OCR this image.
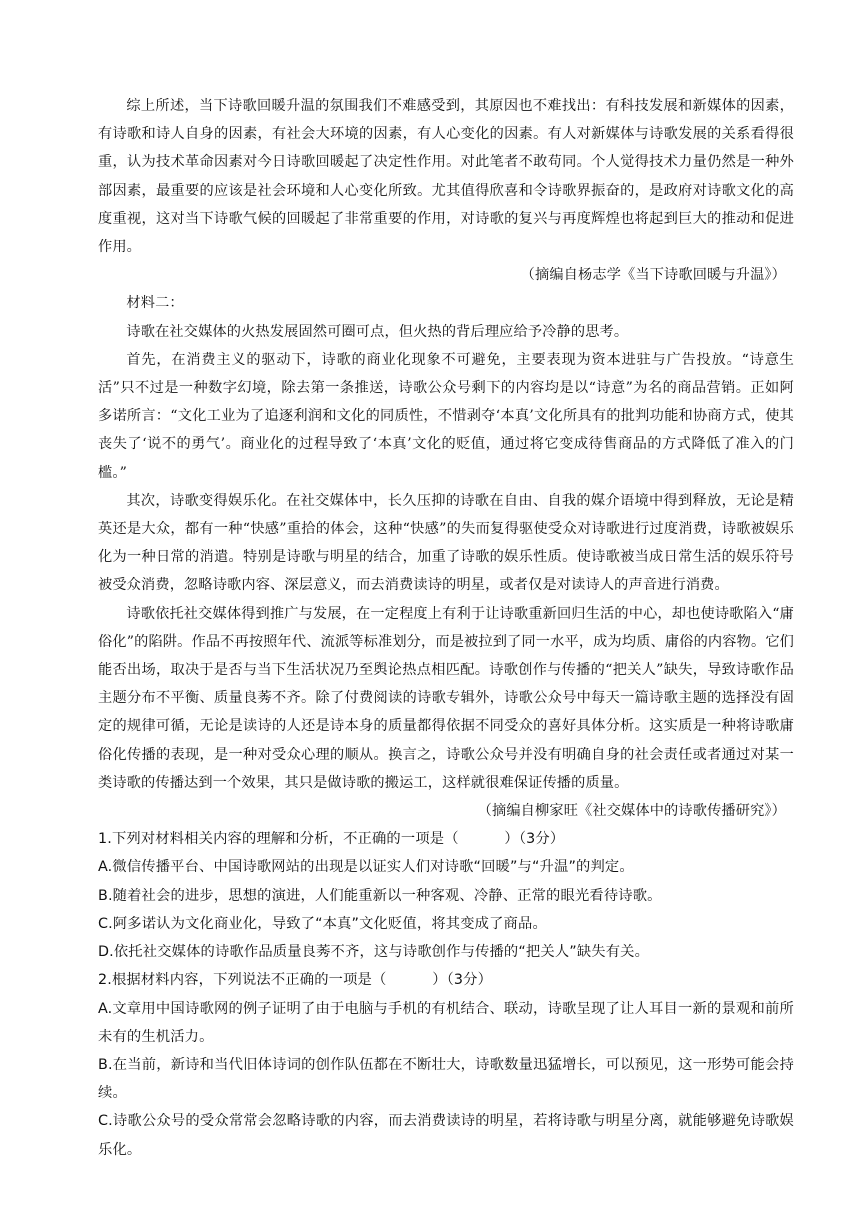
综上所述，当下诗歌回暖升温的氛围我们不难感受到，其原因也不难找出：有科技发展和新媒体的因素，有诗歌和诗人自身的因素，有社会大环境的因素，有人心变化的因素。有人对新媒体与诗歌发展的关系看得很重，认为技术革命因素对今日诗歌回暖起了决定性作用。对此笔者不敢苟同。个人觉得技术力量仍然是一种外部因素，最重要的应该是社会环境和人心变化所致。尤其值得欣喜和令诗歌界振奋的，是政府对诗歌文化的高度重视，这对当下诗歌气候的回暖起了非常重要的作用，对诗歌的复兴与再度辉煌也将起到巨大的推动和促进作用。

（摘编自杨志学《当下诗歌回暖与升温》）

材料二：

诗歌在社交媒体的火热发展固然可圈可点，但火热的背后理应给予冷静的思考。

首先，在消费主义的驱动下，诗歌的商业化现象不可避免，主要表现为资本进驻与广告投放。“诗意生活”只不过是一种数字幻境，除去第一条推送，诗歌公众号剩下的内容均是以“诗意”为名的商品营销。正如阿多诺所言：“文化工业为了追逐利润和文化的同质性，不惜剥夺‘本真’文化所具有的批判功能和协商方式，使其丧失了‘说不的勇气’。商业化的过程导致了‘本真’文化的贬值，通过将它变成待售商品的方式降低了准入的门槛。”

其次，诗歌变得娱乐化。在社交媒体中，长久压抑的诗歌在自由、自我的媒介语境中得到释放，无论是精英还是大众，都有一种“快感”重拾的体会，这种“快感”的失而复得驱使受众对诗歌进行过度消费，诗歌被娱乐化为一种日常的消遣。特别是诗歌与明星的结合，加重了诗歌的娱乐性质。使诗歌被当成日常生活的娱乐符号被受众消费，忽略诗歌内容、深层意义，而去消费读诗的明星，或者仅是对读诗人的声音进行消费。

诗歌依托社交媒体得到推广与发展，在一定程度上有利于让诗歌重新回归生活的中心，却也使诗歌陷入“庸俗化”的陷阱。作品不再按照年代、流派等标准划分，而是被拉到了同一水平，成为均质、庸俗的内容物。它们能否出场，取决于是否与当下生活状况乃至舆论热点相匹配。诗歌创作与传播的“把关人”缺失，导致诗歌作品主题分布不平衡、质量良莠不齐。除了付费阅读的诗歌专辑外，诗歌公众号中每天一篇诗歌主题的选择没有固定的规律可循，无论是读诗的人还是诗本身的质量都得依据不同受众的喜好具体分析。这实质是一种将诗歌庸俗化传播的表现，是一种对受众心理的顺从。换言之，诗歌公众号并没有明确自身的社会责任或者通过对某一类诗歌的传播达到一个效果，其只是做诗歌的搬运工，这样就很难保证传播的质量。

（摘编自柳家旺《社交媒体中的诗歌传播研究》）

1.下列对材料相关内容的理解和分析，不正确的一项是（	）（3分）

A.微信传播平台、中国诗歌网站的出现是以证实人们对诗歌“回暖”与“升温”的判定。

B.随着社会的进步，思想的演进，人们能重新以一种客观、冷静、正常的眼光看待诗歌。

C.阿多诺认为文化商业化，导致了“本真”文化贬值，将其变成了商品。

D.依托社交媒体的诗歌作品质量良莠不齐，这与诗歌创作与传播的“把关人”缺失有关。

2.根据材料内容，下列说法不正确的一项是（	）（3分）

A.文章用中国诗歌网的例子证明了由于电脑与手机的有机结合、联动，诗歌呈现了让人耳目一新的景观和前所未有的生机活力。

B.在当前，新诗和当代旧体诗词的创作队伍都在不断壮大，诗歌数量迅猛增长，可以预见，这一形势可能会持续。

C.诗歌公众号的受众常常会忽略诗歌的内容，而去消费读诗的明星，若将诗歌与明星分离，就能够避免诗歌娱乐化。
